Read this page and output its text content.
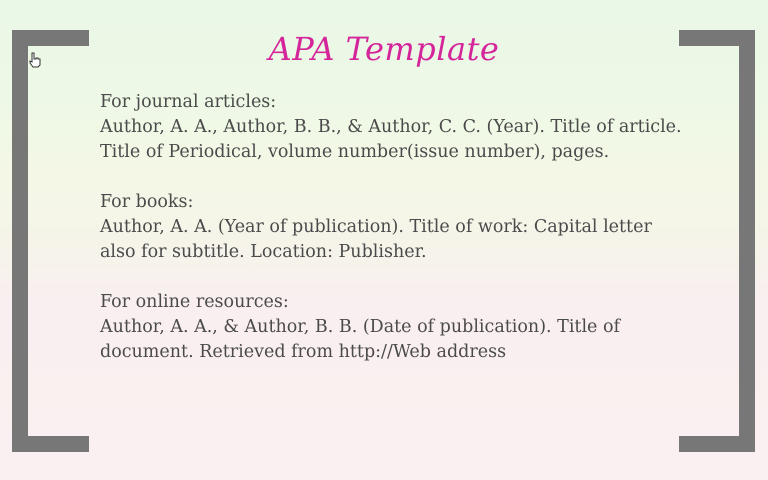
APA Template
For journal articles:
Author, A. A., Author, B. B., & Author, C. C. (Year). Title of article.
Title of Periodical, volume number(issue number), pages.
For books:
Author, A. A. (Year of publication). Title of work: Capital letter
also for subtitle. Location: Publisher.
For online resources:
Author, A. A., & Author, B. B. (Date of publication). Title of
document. Retrieved from http://Web address
